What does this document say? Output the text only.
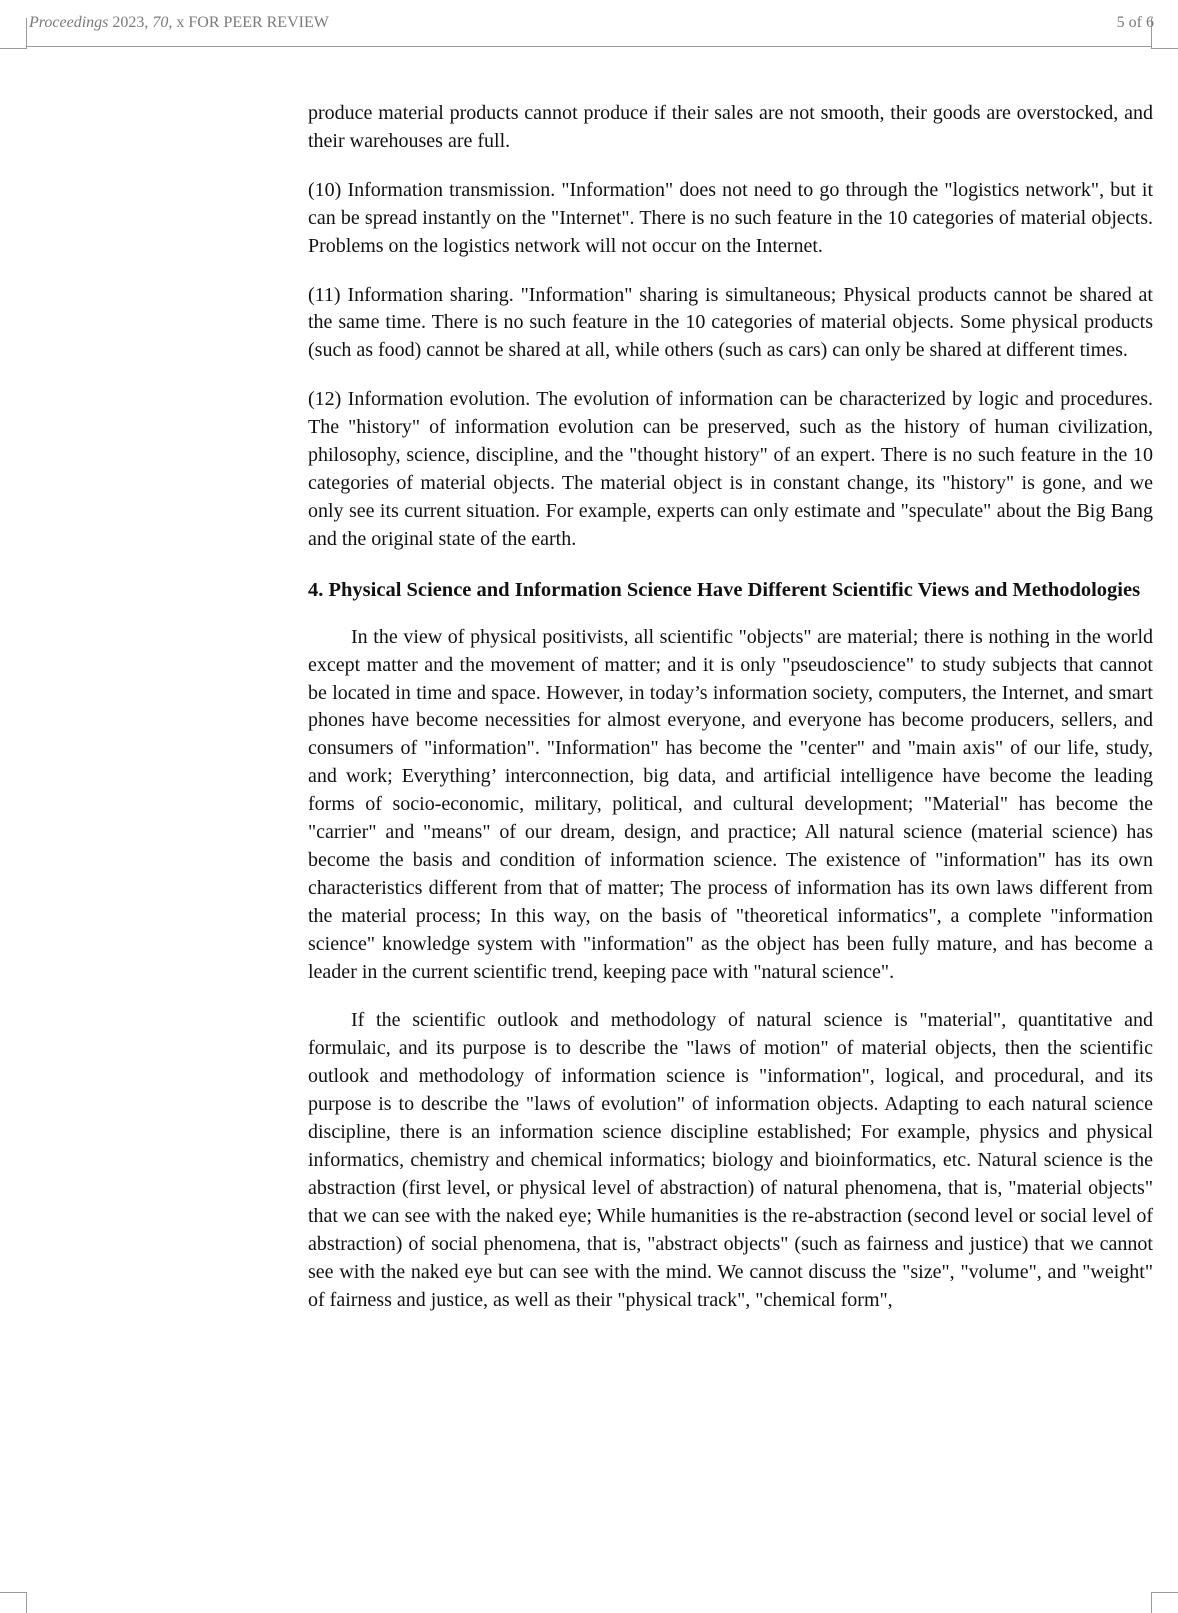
Proceedings 2023, 70, x FOR PEER REVIEW	5 of 6

produce material products cannot produce if their sales are not smooth, their goods are overstocked, and their warehouses are full.

(10) Information transmission. "Information" does not need to go through the "logistics network", but it can be spread instantly on the "Internet". There is no such feature in the 10 categories of material objects. Problems on the logistics network will not occur on the Internet.

(11) Information sharing. "Information" sharing is simultaneous; Physical products cannot be shared at the same time. There is no such feature in the 10 categories of material objects. Some physical products (such as food) cannot be shared at all, while others (such as cars) can only be shared at different times.

(12) Information evolution. The evolution of information can be characterized by logic and procedures. The "history" of information evolution can be preserved, such as the history of human civilization, philosophy, science, discipline, and the "thought history" of an expert. There is no such feature in the 10 categories of material objects. The material object is in constant change, its "history" is gone, and we only see its current situation. For example, experts can only estimate and "speculate" about the Big Bang and the original state of the earth.

4. Physical Science and Information Science Have Different Scientific Views and Methodologies

In the view of physical positivists, all scientific "objects" are material; there is nothing in the world except matter and the movement of matter; and it is only "pseudoscience" to study subjects that cannot be located in time and space. However, in today’s information society, computers, the Internet, and smart phones have become necessities for almost everyone, and everyone has become producers, sellers, and consumers of "information". "Information" has become the "center" and "main axis" of our life, study, and work; Everything’ interconnection, big data, and artificial intelligence have become the leading forms of socio-economic, military, political, and cultural development; "Material" has become the "carrier" and "means" of our dream, design, and practice; All natural science (material science) has become the basis and condition of information science. The existence of "information" has its own characteristics different from that of matter; The process of information has its own laws different from the material process; In this way, on the basis of "theoretical informatics", a complete "information science" knowledge system with "information" as the object has been fully mature, and has become a leader in the current scientific trend, keeping pace with "natural science".

If the scientific outlook and methodology of natural science is "material", quantitative and formulaic, and its purpose is to describe the "laws of motion" of material objects, then the scientific outlook and methodology of information science is "information", logical, and procedural, and its purpose is to describe the "laws of evolution" of information objects. Adapting to each natural science discipline, there is an information science discipline established; For example, physics and physical informatics, chemistry and chemical informatics; biology and bioinformatics, etc. Natural science is the abstraction (first level, or physical level of abstraction) of natural phenomena, that is, "material objects" that we can see with the naked eye; While humanities is the re-abstraction (second level or social level of abstraction) of social phenomena, that is, "abstract objects" (such as fairness and justice) that we cannot see with the naked eye but can see with the mind. We cannot discuss the "size", "volume", and "weight" of fairness and justice, as well as their "physical track", "chemical form",
